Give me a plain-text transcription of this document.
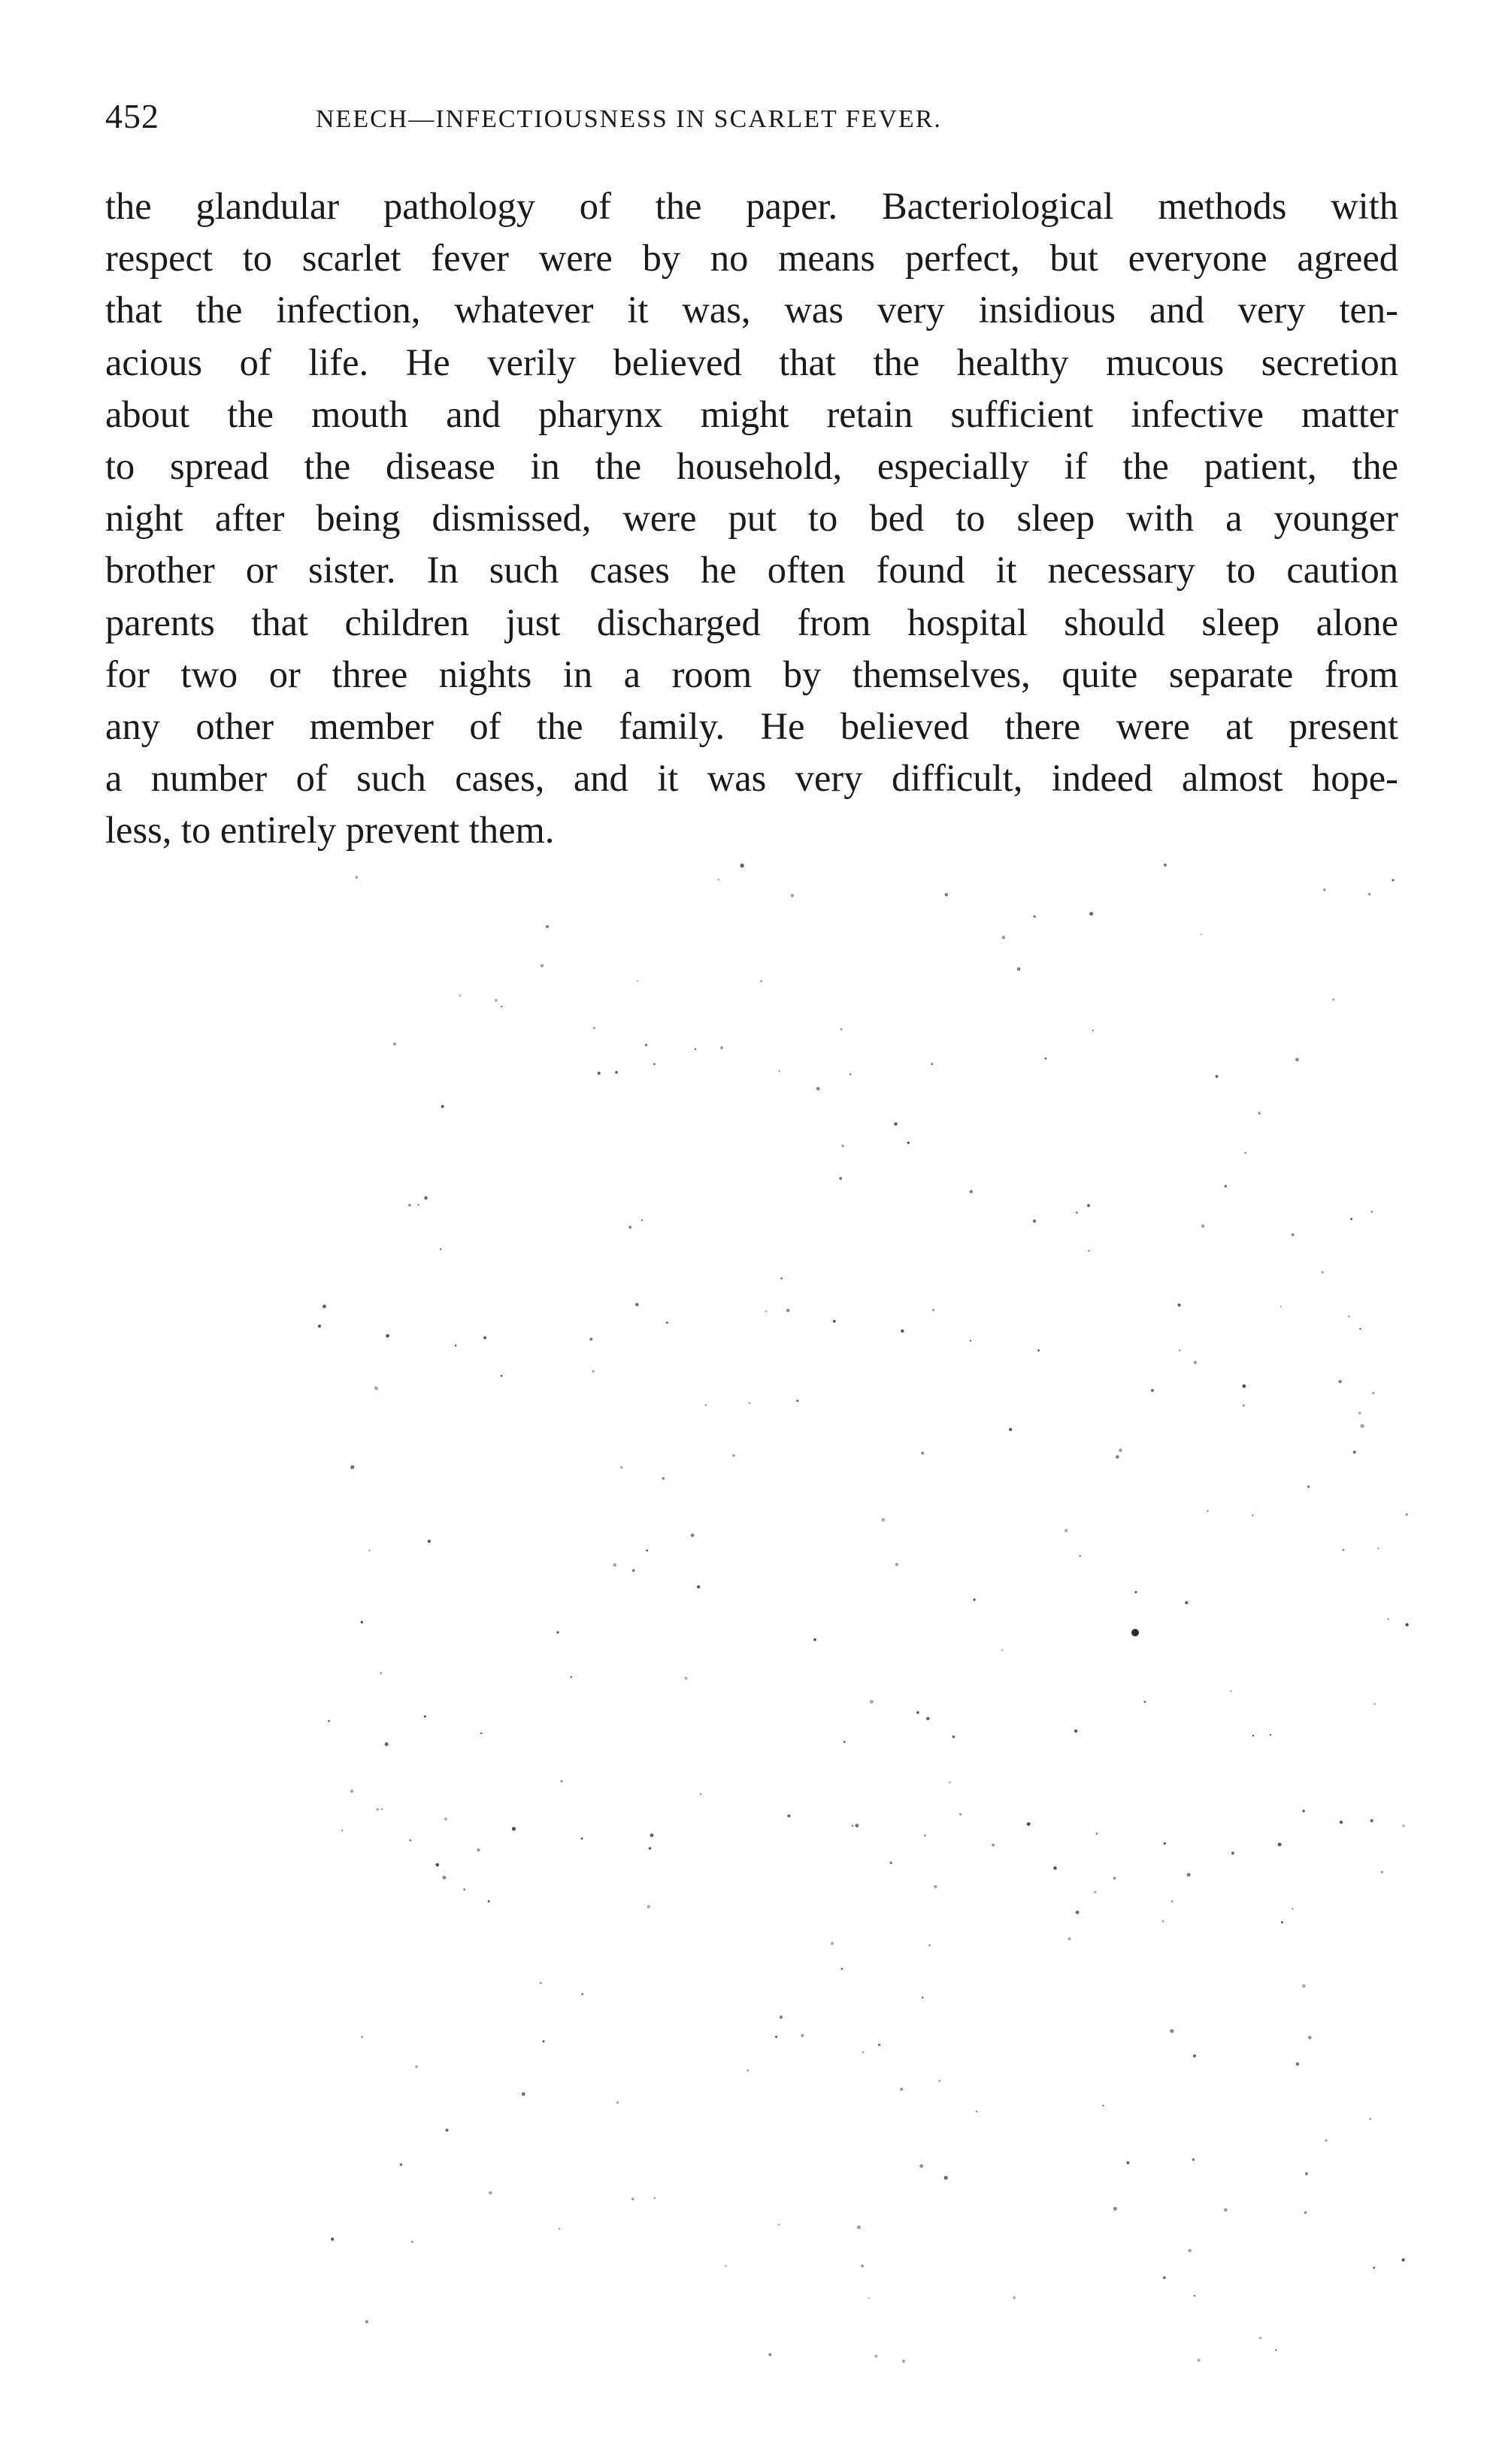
452	NEECH—INFECTIOUSNESS IN SCARLET FEVER.
the glandular pathology of the paper. Bacteriological methods with
respect to scarlet fever were by no means perfect, but everyone agreed
that the infection, whatever it was, was very insidious and very ten-
acious of life. He verily believed that the healthy mucous secretion
about the mouth and pharynx might retain sufficient infective matter
to spread the disease in the household, especially if the patient, the
night after being dismissed, were put to bed to sleep with a younger
brother or sister. In such cases he often found it necessary to caution
parents that children just discharged from hospital should sleep alone
for two or three nights in a room by themselves, quite separate from
any other member of the family. He believed there were at present
a number of such cases, and it was very difficult, indeed almost hope-
less, to entirely prevent them.
